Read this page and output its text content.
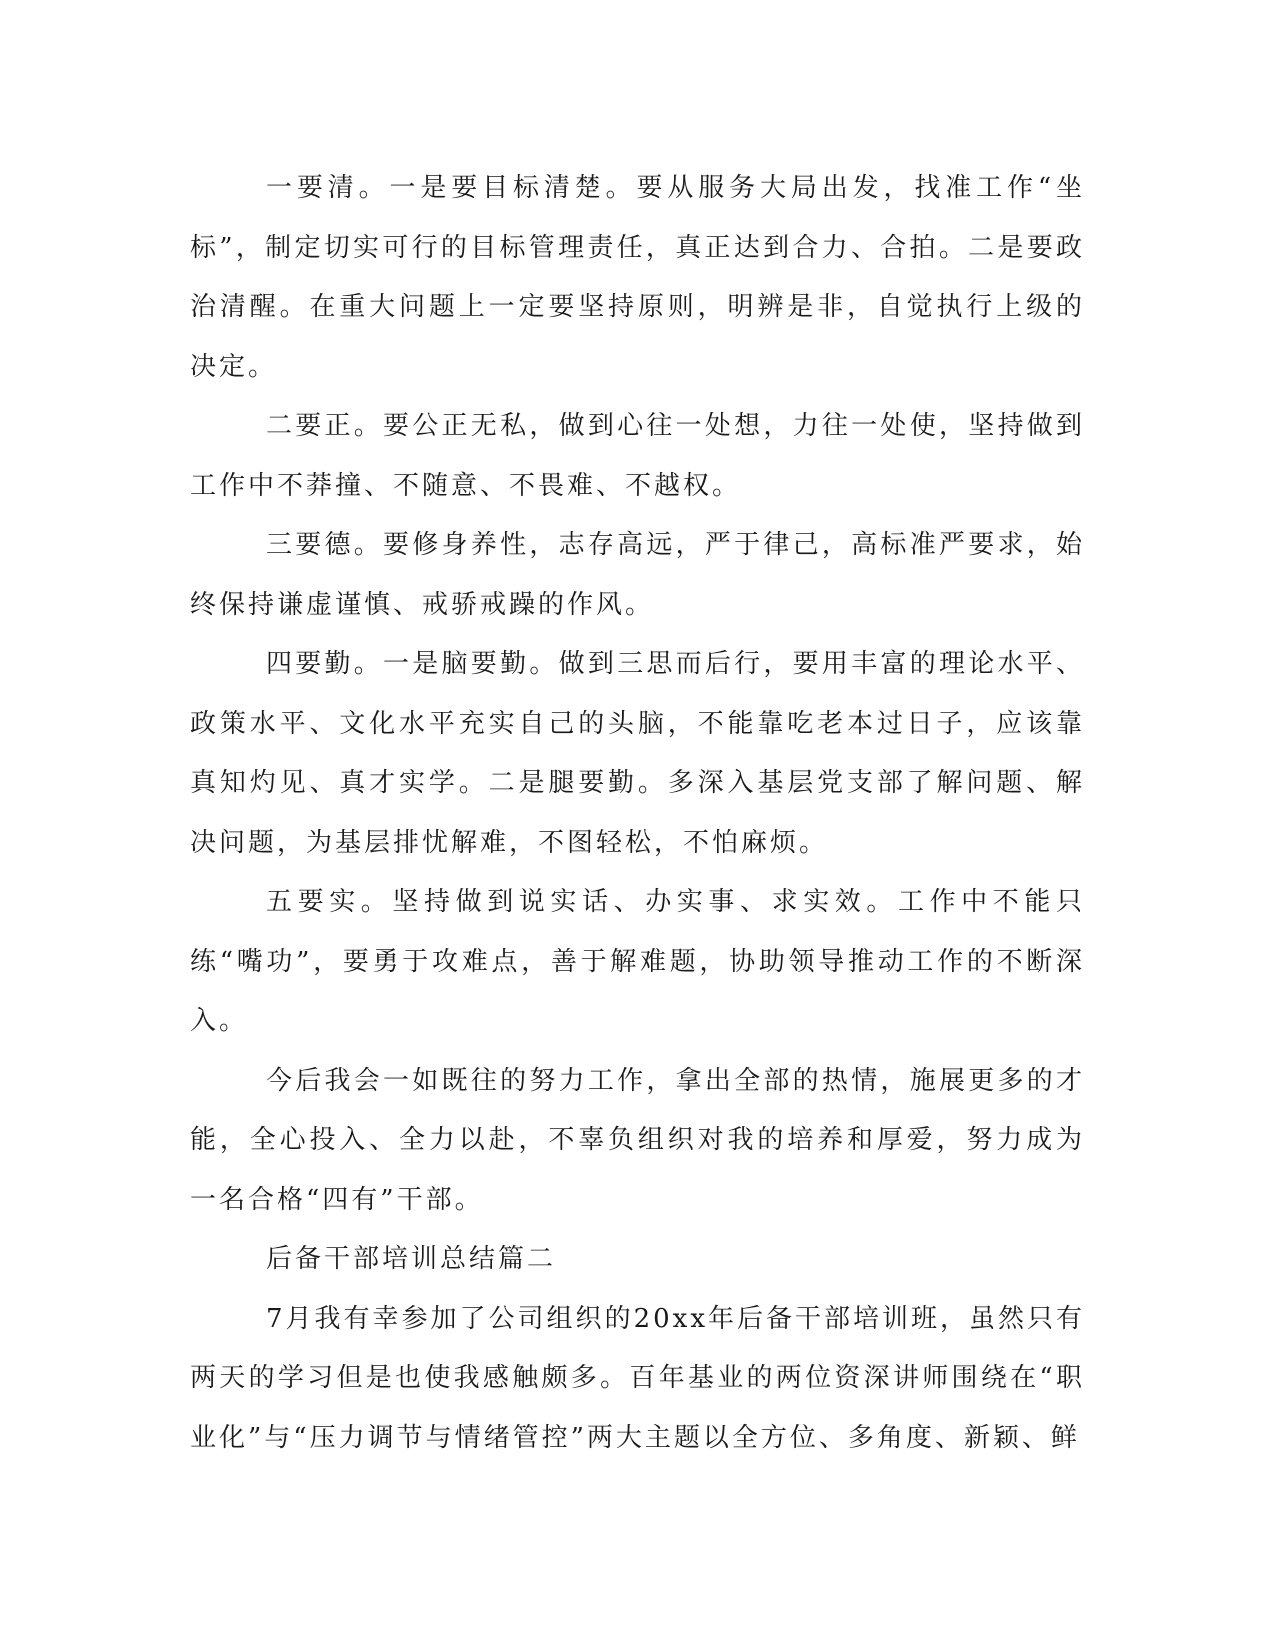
一要清。一是要目标清楚。要从服务大局出发，找准工作“坐标”，制定切实可行的目标管理责任，真正达到合力、合拍。二是要政治清醒。在重大问题上一定要坚持原则，明辨是非，自觉执行上级的决定。

二要正。要公正无私，做到心往一处想，力往一处使，坚持做到工作中不莽撞、不随意、不畏难、不越权。

三要德。要修身养性，志存高远，严于律己，高标准严要求，始终保持谦虚谨慎、戒骄戒躁的作风。

四要勤。一是脑要勤。做到三思而后行，要用丰富的理论水平、政策水平、文化水平充实自己的头脑，不能靠吃老本过日子，应该靠真知灼见、真才实学。二是腿要勤。多深入基层党支部了解问题、解决问题，为基层排忧解难，不图轻松，不怕麻烦。

五要实。坚持做到说实话、办实事、求实效。工作中不能只练“嘴功”，要勇于攻难点，善于解难题，协助领导推动工作的不断深入。

今后我会一如既往的努力工作，拿出全部的热情，施展更多的才能，全心投入、全力以赴，不辜负组织对我的培养和厚爱，努力成为一名合格“四有”干部。

后备干部培训总结篇二

7月我有幸参加了公司组织的20xx年后备干部培训班，虽然只有两天的学习但是也使我感触颇多。百年基业的两位资深讲师围绕在“职业化”与“压力调节与情绪管控”两大主题以全方位、多角度、新颖、鲜
